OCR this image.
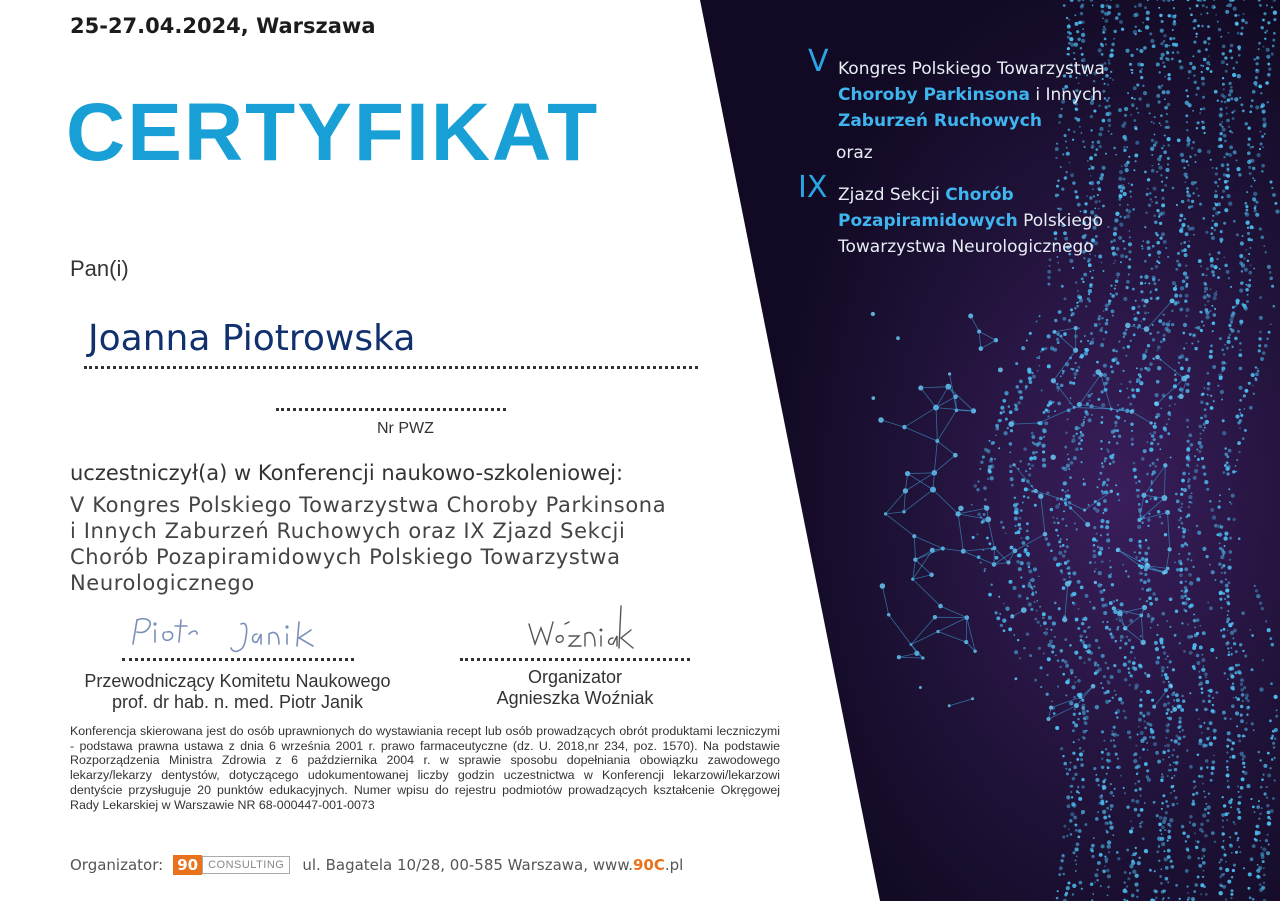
V Kongres Polskiego Towarzystwa
Choroby Parkinsona i Innych
Zaburzeń Ruchowych
oraz
IX Zjazd Sekcji Chorób
Pozapiramidowych Polskiego
Towarzystwa Neurologicznego
25-27.04.2024, Warszawa
CERTYFIKAT
Pan(i)
Joanna Piotrowska
Nr PWZ
uczestniczył(a) w Konferencji naukowo-szkoleniowej:
V Kongres Polskiego Towarzystwa Choroby Parkinsona
i Innych Zaburzeń Ruchowych oraz IX Zjazd Sekcji
Chorób Pozapiramidowych Polskiego Towarzystwa
Neurologicznego
Przewodniczący Komitetu Naukowego
prof. dr hab. n. med. Piotr Janik
Organizator
Agnieszka Woźniak
Konferencja skierowana jest do osób uprawnionych do wystawiania recept lub osób prowadzących obrót produktami leczniczymi - podstawa prawna ustawa z dnia 6 września 2001 r. prawo farmaceutyczne (dz. U. 2018,nr 234, poz. 1570). Na podstawie Rozporządzenia Ministra Zdrowia z 6 października 2004 r. w sprawie sposobu dopełniania obowiązku zawodowego lekarzy/lekarzy dentystów, dotyczącego udokumentowanej liczby godzin uczestnictwa w Konferencji lekarzowi/lekarzowi dentyście przysługuje 20 punktów edukacyjnych. Numer wpisu do rejestru podmiotów prowadzących kształcenie Okręgowej Rady Lekarskiej w Warszawie NR 68-000447-001-0073
Organizator: 90 CONSULTING	ul. Bagatela 10/28, 00-585 Warszawa, www.90C.pl
